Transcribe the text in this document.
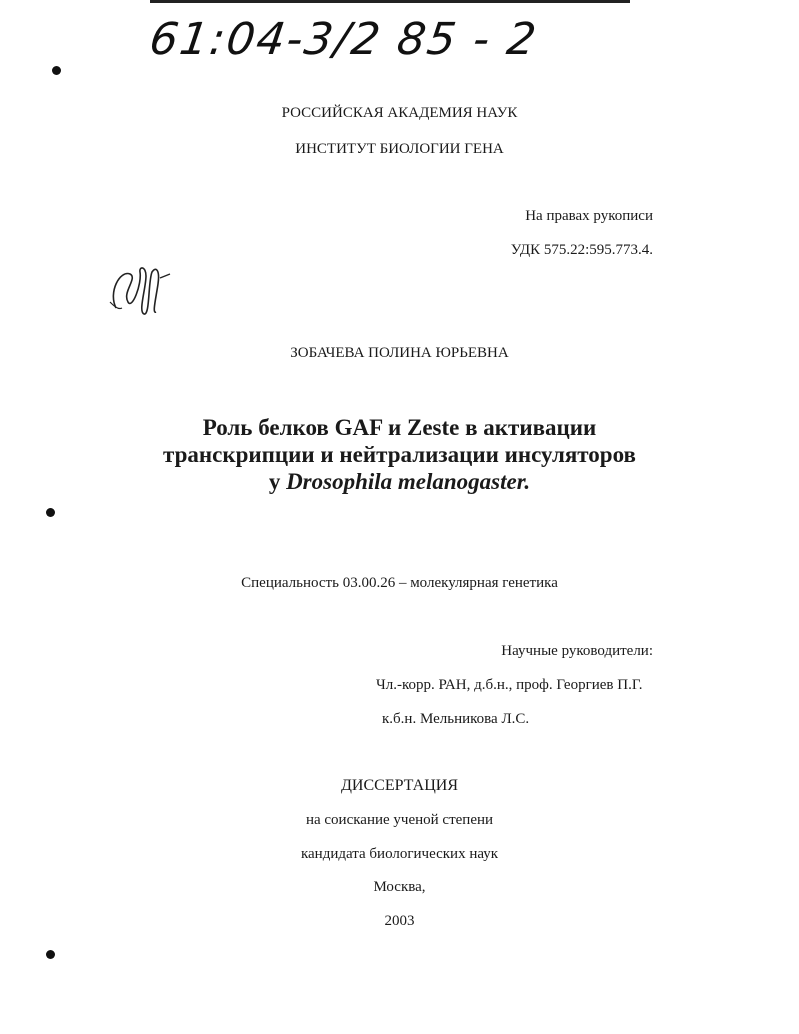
61:04-3/2 85 - 2
РОССИЙСКАЯ АКАДЕМИЯ НАУК
ИНСТИТУТ БИОЛОГИИ ГЕНА
На правах рукописи
УДК 575.22:595.773.4.
ЗОБАЧЕВА ПОЛИНА ЮРЬЕВНА
Роль белков GAF и Zeste в активации
транскрипции и нейтрализации инсуляторов
у Drosophila melanogaster.
Специальность 03.00.26 – молекулярная генетика
Научные руководители:
Чл.-корр. РАН, д.б.н., проф. Георгиев П.Г.
к.б.н. Мельникова Л.С.
ДИССЕРТАЦИЯ
на соискание ученой степени
кандидата биологических наук
Москва,
2003
